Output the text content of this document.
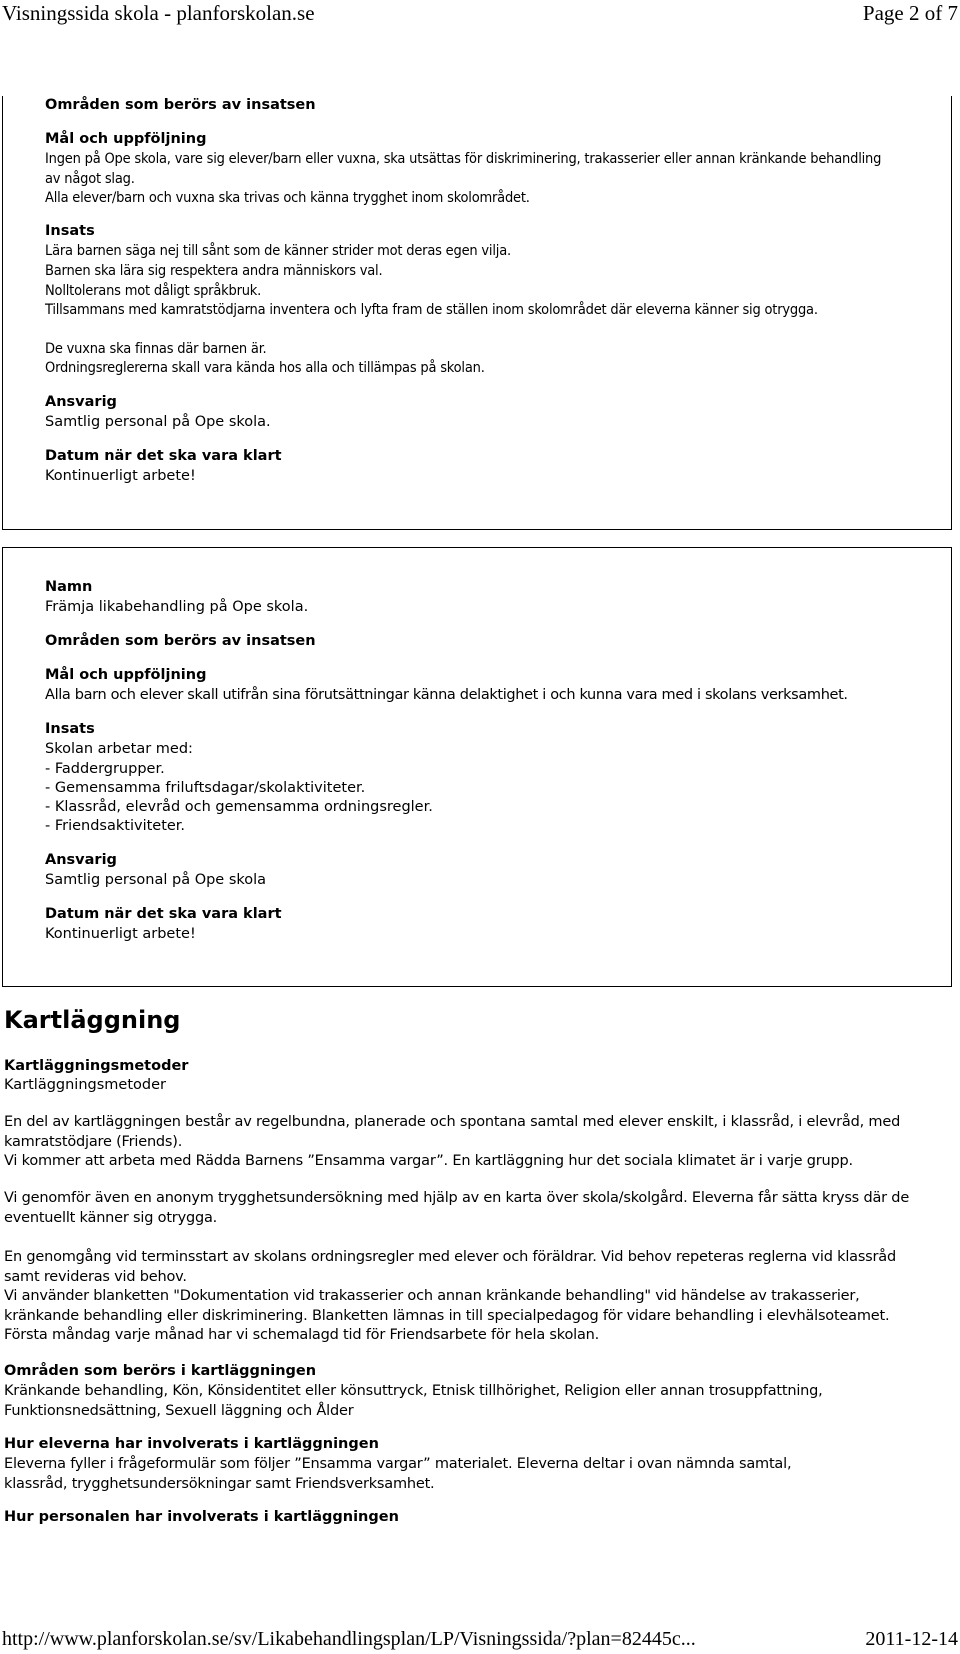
Visningssida skola - planforskolan.se	Page 2 of 7
Områden som berörs av insatsen
Mål och uppföljning
Ingen på Ope skola, vare sig elever/barn eller vuxna, ska utsättas för diskriminering, trakasserier eller annan kränkande behandling av något slag.
Alla elever/barn och vuxna ska trivas och känna trygghet inom skolområdet.
Insats
Lära barnen säga nej till sånt som de känner strider mot deras egen vilja.
Barnen ska lära sig respektera andra människors val.
Nolltolerans mot dåligt språkbruk.
Tillsammans med kamratstödjarna inventera och lyfta fram de ställen inom skolområdet där eleverna känner sig otrygga.
De vuxna ska finnas där barnen är.
Ordningsreglererna skall vara kända hos alla och tillämpas på skolan.
Ansvarig
Samtlig personal på Ope skola.
Datum när det ska vara klart
Kontinuerligt arbete!
Namn
Främja likabehandling på Ope skola.
Områden som berörs av insatsen
Mål och uppföljning
Alla barn och elever skall utifrån sina förutsättningar känna delaktighet i och kunna vara med i skolans verksamhet.
Insats
Skolan arbetar med:
- Faddergrupper.
- Gemensamma friluftsdagar/skolaktiviteter.
- Klassråd, elevråd och gemensamma ordningsregler.
- Friendsaktiviteter.
Ansvarig
Samtlig personal på Ope skola
Datum när det ska vara klart
Kontinuerligt arbete!
Kartläggning
Kartläggningsmetoder
Kartläggningsmetoder
En del av kartläggningen består av regelbundna, planerade och spontana samtal med elever enskilt, i klassråd, i elevråd, med kamratstödjare (Friends).
Vi kommer att arbeta med Rädda Barnens ”Ensamma vargar”. En kartläggning hur det sociala klimatet är i varje grupp.
Vi genomför även en anonym trygghetsundersökning med hjälp av en karta över skola/skolgård. Eleverna får sätta kryss där de eventuellt känner sig otrygga.
En genomgång vid terminsstart av skolans ordningsregler med elever och föräldrar. Vid behov repeteras reglerna vid klassråd samt revideras vid behov.
Vi använder blanketten "Dokumentation vid trakasserier och annan kränkande behandling" vid händelse av trakasserier, kränkande behandling eller diskriminering. Blanketten lämnas in till specialpedagog för vidare behandling i elevhälsoteamet.
Första måndag varje månad har vi schemalagd tid för Friendsarbete för hela skolan.
Områden som berörs i kartläggningen
Kränkande behandling, Kön, Könsidentitet eller könsuttryck, Etnisk tillhörighet, Religion eller annan trosuppfattning, Funktionsnedsättning, Sexuell läggning och Ålder
Hur eleverna har involverats i kartläggningen
Eleverna fyller i frågeformulär som följer ”Ensamma vargar” materialet. Eleverna deltar i ovan nämnda samtal, klassråd, trygghetsundersökningar samt Friendsverksamhet.
Hur personalen har involverats i kartläggningen
http://www.planforskolan.se/sv/Likabehandlingsplan/LP/Visningssida/?plan=82445c...	2011-12-14
